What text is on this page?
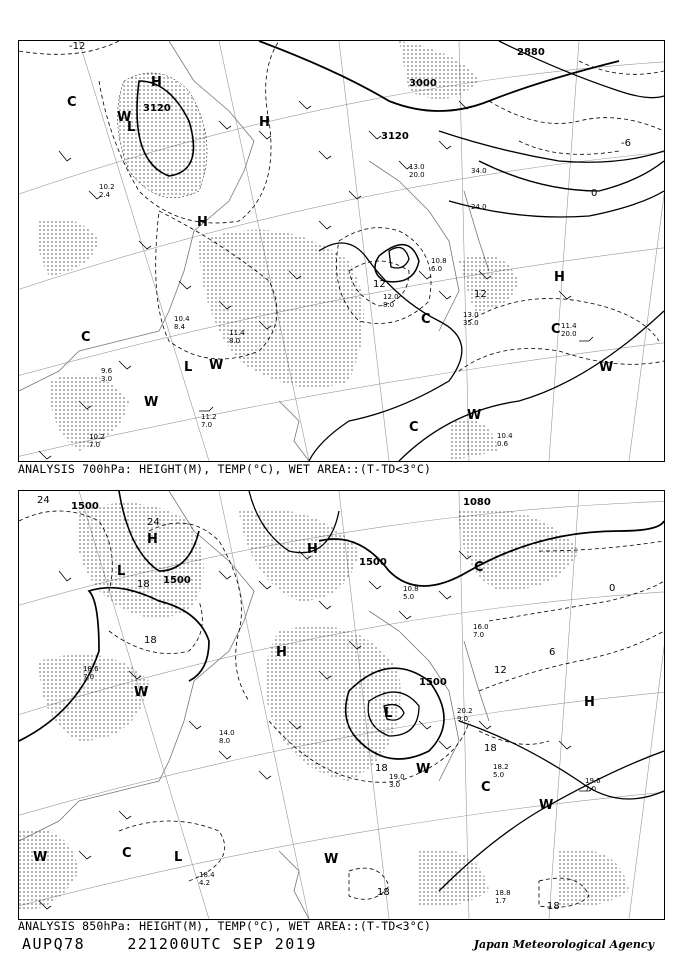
3120
3000
2880
3120
-12
-6
0
12
12
H
L	H
H
L
H
C
C
C
C
W
W
W
W
W
C
10.2
2.4
11.2
7.0
10.4
8.4
11.4
8.0
12.0
8.0
10.8
6.0
13.0
35.0	11.4
20.0
10.4
0.6
10.2
7.0
9.6
3.0
34.0
24.0
13.0
20.0
ANALYSIS 700hPa: HEIGHT(M), TEMP(°C), WET AREA::(T-TD<3°C)
1500
1500
1500
1500
1080
24
24
18
18
12
6
0
18
18
18
18
H
L
H
H
L
L
H
C
C
C
W
W
W
W
W
19.6
7.0
18.2
5.0
18.4
4.2
18.8
1.7
19.0
3.0
14.0
8.0
16.0
7.0
20.2
9.0
18.6
7.0
10.8
5.0
ANALYSIS 850hPa: HEIGHT(M), TEMP(°C), WET AREA::(T-TD<3°C)
AUPQ78	221200UTC SEP 2019	Japan Meteorological Agency
